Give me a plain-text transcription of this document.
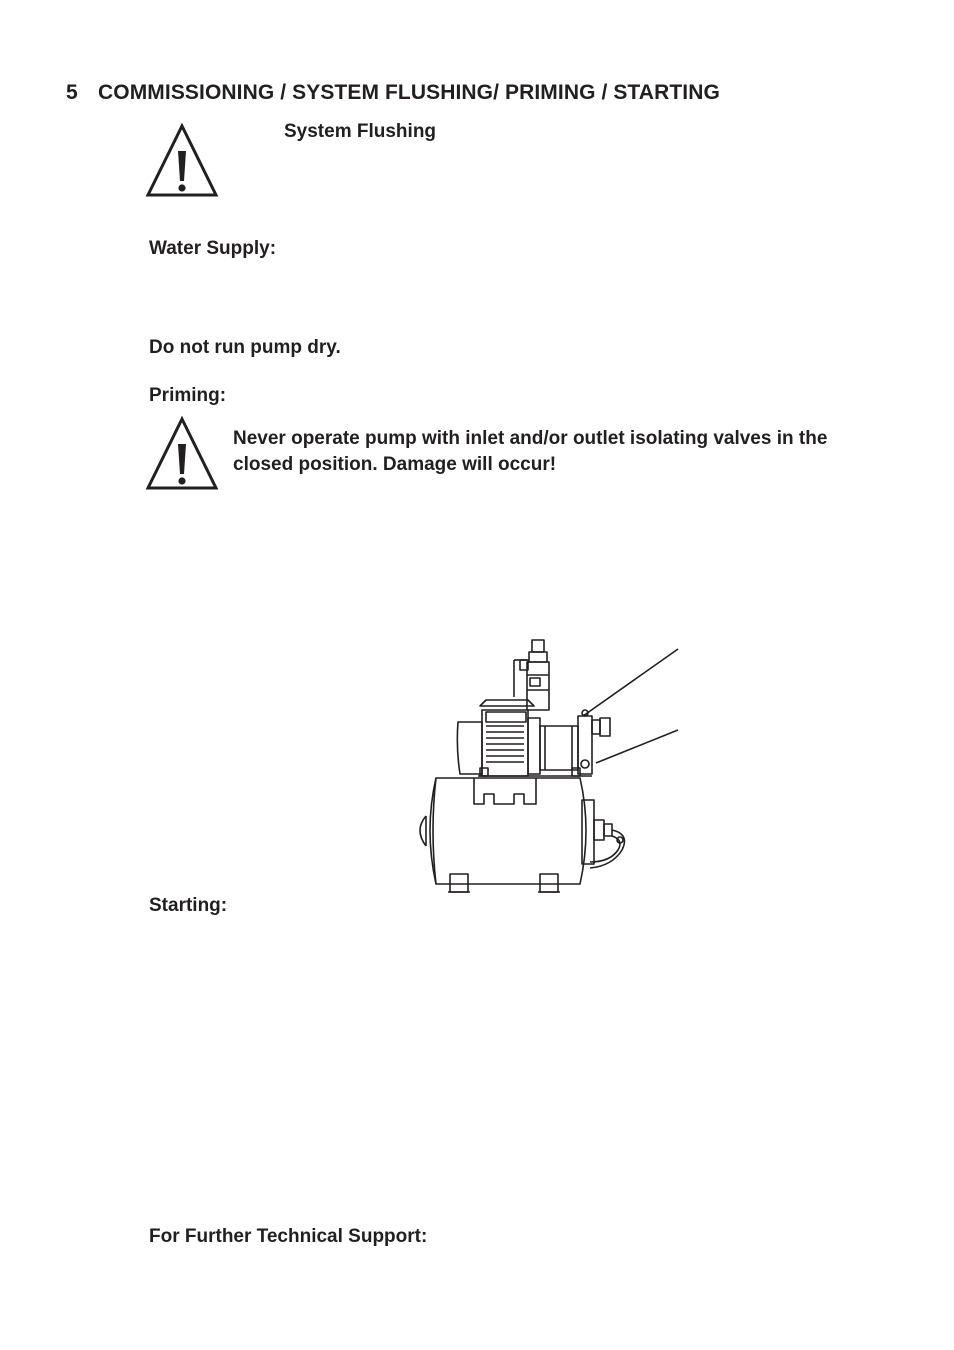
5 COMMISSIONING / SYSTEM FLUSHING/ PRIMING / STARTING
System Flushing
Water Supply:
Do not run pump dry.
Priming:
Never operate pump with inlet and/or outlet isolating valves in the
closed position. Damage will occur!
Starting:
For Further Technical Support:
